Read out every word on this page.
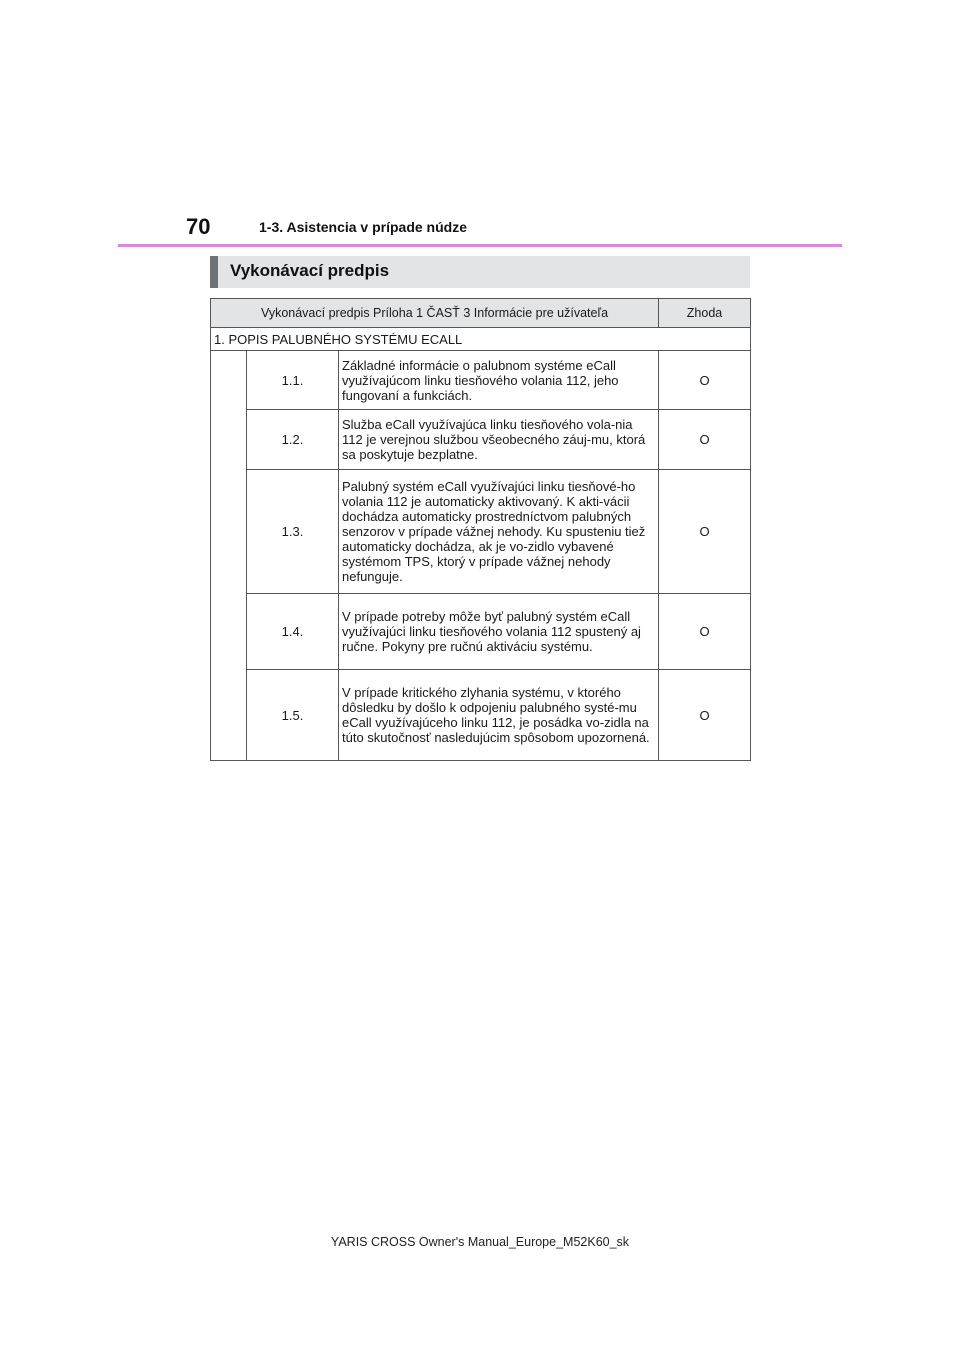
70	1-3. Asistencia v prípade núdze
Vykonávací predpis
Vykonávací predpis Príloha 1 ČASŤ 3 Informácie pre užívateľa			Zhoda
1. POPIS PALUBNÉHO SYSTÉMU ECALL			
	1.1.	Základné informácie o palubnom systéme eCall využívajúcom linku tiesňového volania 112, jeho fungovaní a funkciách.	O
	1.2.	Služba eCall využívajúca linku tiesňového vola-nia 112 je verejnou službou všeobecného záuj-mu, ktorá sa poskytuje bezplatne.	O
	1.3.	Palubný systém eCall využívajúci linku tiesňové-ho volania 112 je automaticky aktivovaný. K akti-vácii dochádza automaticky prostredníctvom palubných senzorov v prípade vážnej nehody. Ku spusteniu tiež automaticky dochádza, ak je vo-zidlo vybavené systémom TPS, ktorý v prípade vážnej nehody nefunguje.	O
	1.4.	V prípade potreby môže byť palubný systém eCall využívajúci linku tiesňového volania 112 spustený aj ručne. Pokyny pre ručnú aktiváciu systému.	O
	1.5.	V prípade kritického zlyhania systému, v ktorého dôsledku by došlo k odpojeniu palubného systé-mu eCall využívajúceho linku 112, je posádka vo-zidla na túto skutočnosť nasledujúcim spôsobom upozornená.	O
YARIS CROSS Owner's Manual_Europe_M52K60_sk
